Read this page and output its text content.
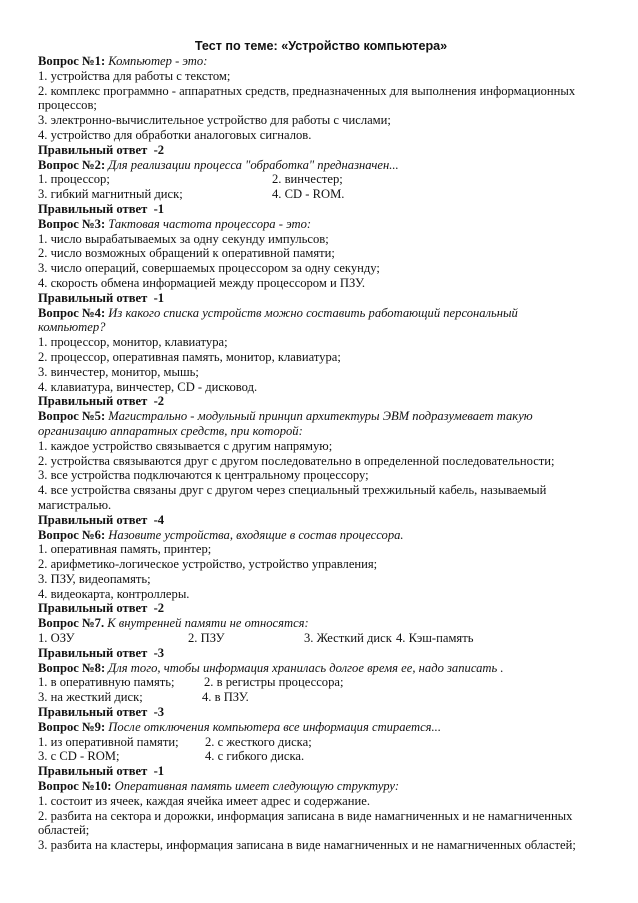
Тест по теме: «Устройство компьютера»
Вопрос №1: Компьютер - это:
1. устройства для работы с текстом;
2. комплекс программно - аппаратных средств, предназначенных для выполнения информационных
процессов;
3. электронно-вычислительное устройство для работы с числами;
4. устройство для обработки аналоговых сигналов.
Правильный ответ -2
Вопрос №2: Для реализации процесса "обработка" предназначен...
1. процессор;	2. винчестер;
3. гибкий магнитный диск;	4. CD - ROM.
Правильный ответ -1
Вопрос №3: Тактовая частота процессора - это:
1. число вырабатываемых за одну секунду импульсов;
2. число возможных обращений к оперативной памяти;
3. число операций, совершаемых процессором за одну секунду;
4. скорость обмена информацией между процессором и ПЗУ.
Правильный ответ -1
Вопрос №4: Из какого списка устройств можно составить работающий персональный
компьютер?
1. процессор, монитор, клавиатура;
2. процессор, оперативная память, монитор, клавиатура;
3. винчестер, монитор, мышь;
4. клавиатура, винчестер, CD - дисковод.
Правильный ответ -2
Вопрос №5: Магистрально - модульный принцип архитектуры ЭВМ подразумевает такую
организацию аппаратных средств, при которой:
1. каждое устройство связывается с другим напрямую;
2. устройства связываются друг с другом последовательно в определенной последовательности;
3. все устройства подключаются к центральному процессору;
4. все устройства связаны друг с другом через специальный трехжильный кабель, называемый
магистралью.
Правильный ответ -4
Вопрос №6: Назовите устройства, входящие в состав процессора.
1. оперативная память, принтер;
2. арифметико-логическое устройство, устройство управления;
3. ПЗУ, видеопамять;
4. видеокарта, контроллеры.
Правильный ответ -2
Вопрос №7. К внутренней памяти не относятся:
1. ОЗУ	2. ПЗУ	3. Жесткий диск 4. Кэш-память
Правильный ответ -3
Вопрос №8: Для того, чтобы информация хранилась долгое время ее, надо записать .
1. в оперативную память; 2. в регистры процессора;
3. на жесткий диск;	4. в ПЗУ.
Правильный ответ -3
Вопрос №9: После отключения компьютера все информация стирается...
1. из оперативной памяти; 2. с жесткого диска;
3. с CD - ROM;	4. с гибкого диска.
Правильный ответ -1
Вопрос №10: Оперативная память имеет следующую структуру:
1. состоит из ячеек, каждая ячейка имеет адрес и содержание.
2. разбита на сектора и дорожки, информация записана в виде намагниченных и не намагниченных
областей;
3. разбита на кластеры, информация записана в виде намагниченных и не намагниченных областей;
